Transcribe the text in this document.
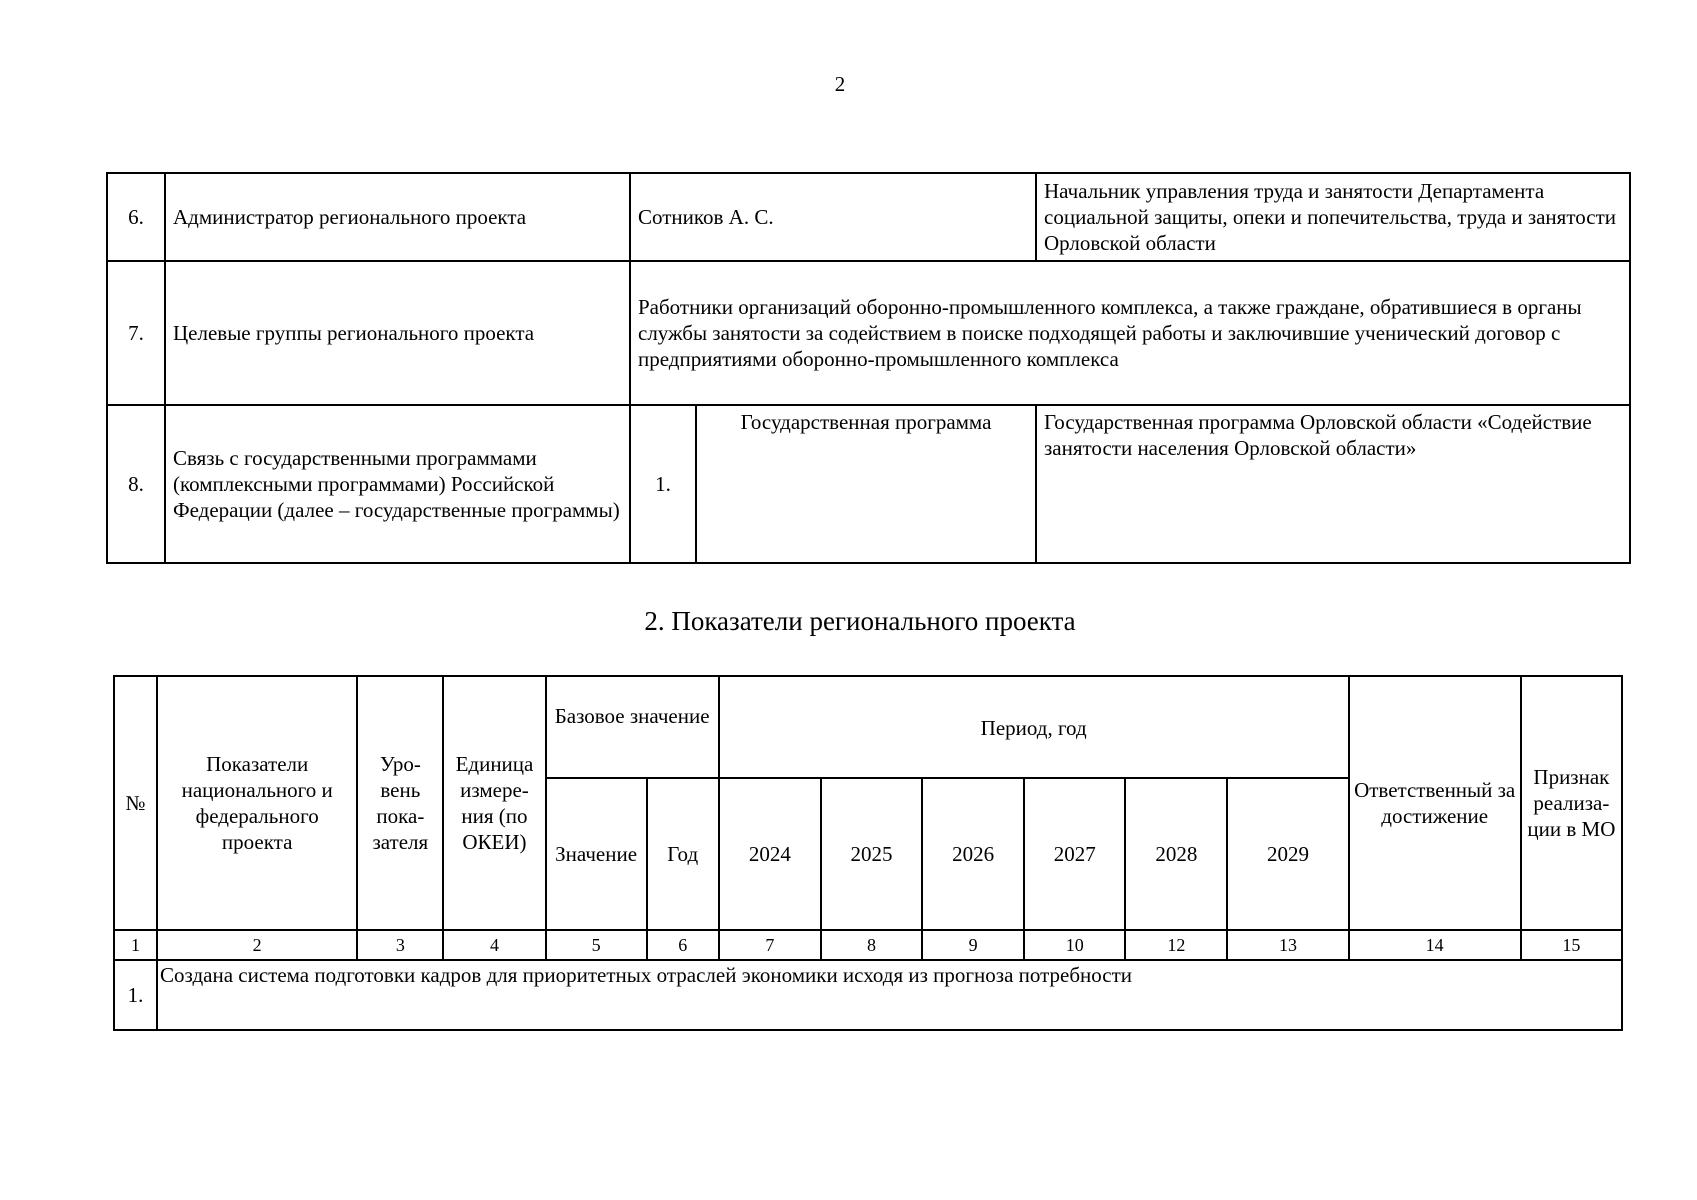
2
6.	Администратор регионального проекта	Сотников А. С.		Начальник управления труда и занятости Департамента социальной защиты, опеки и попечительства, труда и занятости Орловской области
7.	Целевые группы регионального проекта	Работники организаций оборонно-промышленного комплекса, а также граждане, обратившиеся в органы службы занятости за содействием в поиске подходящей работы и заключившие ученический договор с предприятиями оборонно-промышленного комплекса		
8.	Связь с государственными программами (комплексными программами) Российской Федерации (далее – государственные программы)	1.	Государственная программа	Государственная программа Орловской области «Содействие занятости населения Орловской области»
2. Показатели регионального проекта
№	Показатели национального и федерального проекта	Уро-вень пока-зателя	Единица измере-ния (по ОКЕИ)	Базовое значение		Период, год						Ответственный за достижение	Признак реализа-ции в МО
				Значение	Год	2024	2025	2026	2027	2028	2029		
1	2	3	4	5	6	7	8	9	10	12	13	14	15
1.	Создана система подготовки кадров для приоритетных отраслей экономики исходя из прогноза потребности												
